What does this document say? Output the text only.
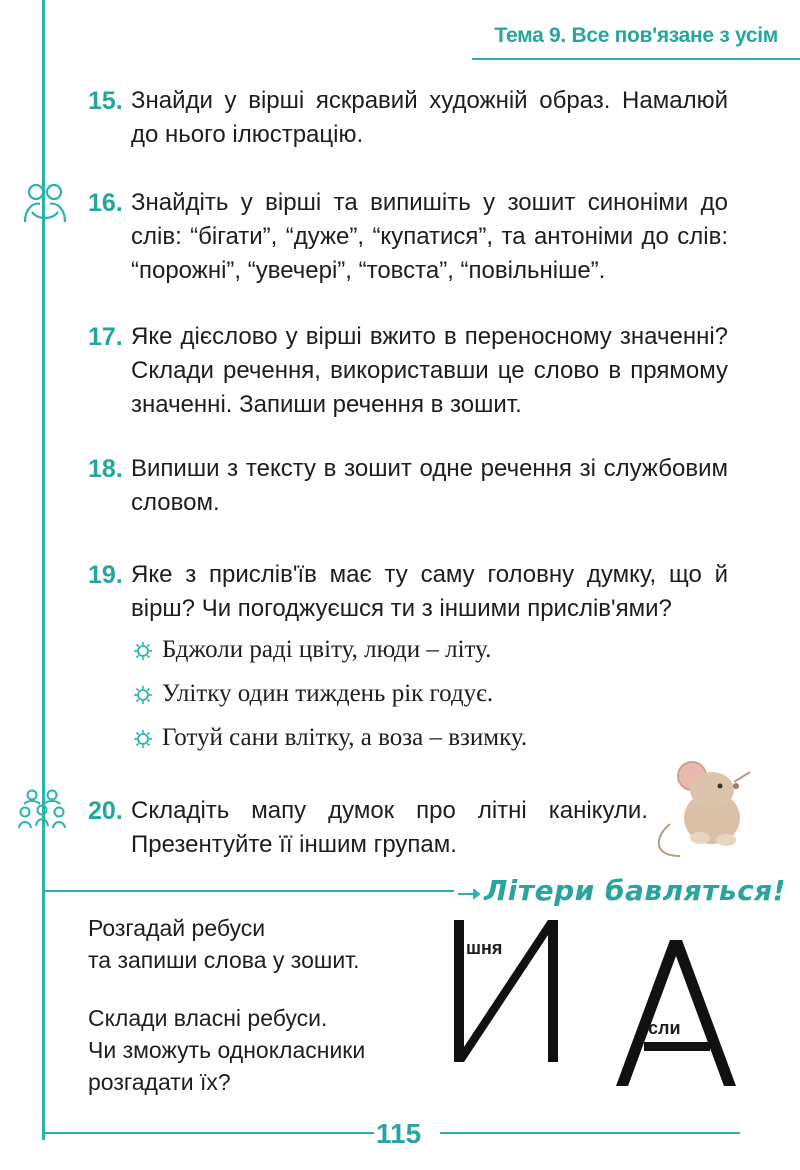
Тема 9. Все пов'язане з усім
15. Знайди у вірші яскравий художній образ. Намалюй до нього ілюстрацію.
16. Знайдіть у вірші та випишіть у зошит синоніми до слів: “бігати”, “дуже”, “купатися”, та антоніми до слів: “порожні”, “увечері”, “товста”, “повільніше”.
17. Яке дієслово у вірші вжито в переносному значенні? Склади речення, використавши це слово в прямому значенні. Запиши речення в зошит.
18. Випиши з тексту в зошит одне речення зі службовим словом.
19. Яке з прислів'їв має ту саму головну думку, що й вірш? Чи погоджуєшся ти з іншими прислів'ями?
Бджоли раді цвіту, люди – літу.
Улітку один тиждень рік годує.
Готуй сани влітку, а воза – взимку.
20. Складіть мапу думок про літні канікули. Презентуйте її іншим групам.
Літери бавляться!
Розгадай ребуси
та запиши слова у зошит.
Склади власні ребуси.
Чи зможуть однокласники
розгадати їх?
шня
сли
115
